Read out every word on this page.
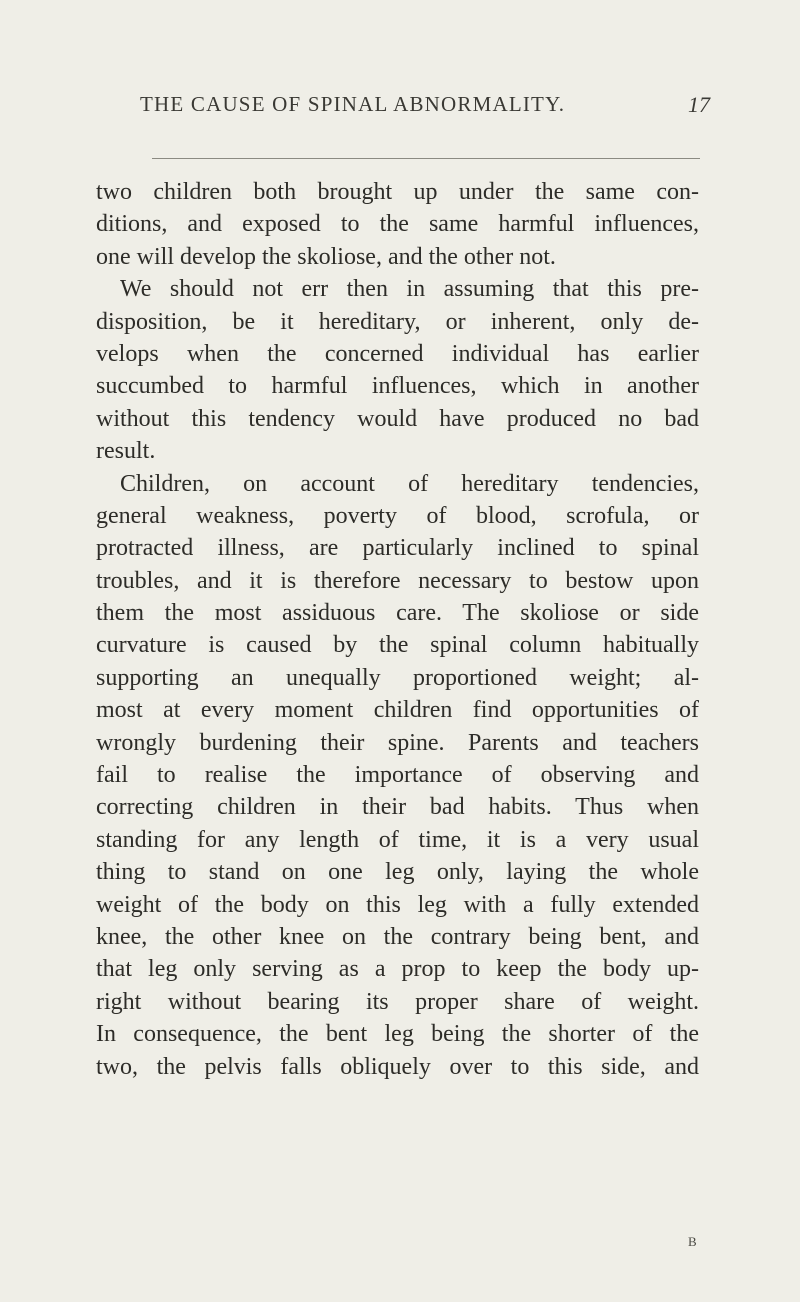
THE CAUSE OF SPINAL ABNORMALITY.	17
two children both brought up under the same con-
ditions, and exposed to the same harmful influences,
one will develop the skoliose, and the other not.
We should not err then in assuming that this pre-
disposition, be it hereditary, or inherent, only de-
velops when the concerned individual has earlier
succumbed to harmful influences, which in another
without this tendency would have produced no bad
result.
Children, on account of hereditary tendencies,
general weakness, poverty of blood, scrofula, or
protracted illness, are particularly inclined to spinal
troubles, and it is therefore necessary to bestow upon
them the most assiduous care. The skoliose or side
curvature is caused by the spinal column habitually
supporting an unequally proportioned weight; al-
most at every moment children find opportunities of
wrongly burdening their spine. Parents and teachers
fail to realise the importance of observing and
correcting children in their bad habits. Thus when
standing for any length of time, it is a very usual
thing to stand on one leg only, laying the whole
weight of the body on this leg with a fully extended
knee, the other knee on the contrary being bent, and
that leg only serving as a prop to keep the body up-
right without bearing its proper share of weight.
In consequence, the bent leg being the shorter of the
two, the pelvis falls obliquely over to this side, and
B
